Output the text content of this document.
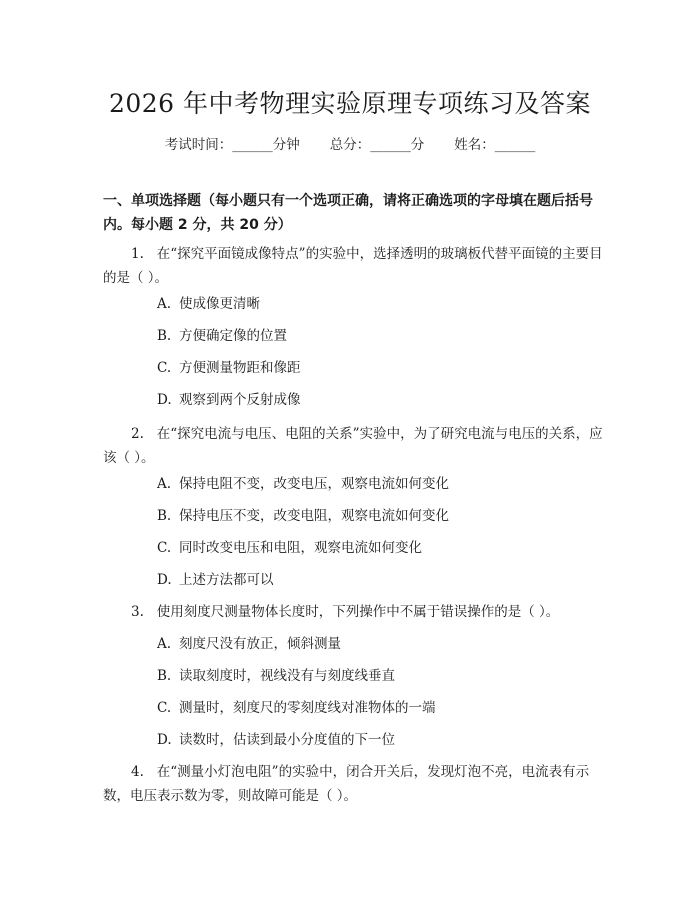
2026 年中考物理实验原理专项练习及答案
考试时间：______分钟 总分：______分 姓名：______
一、单项选择题（每小题只有一个选项正确，请将正确选项的字母填在题后括号内。每小题 2 分，共 20 分）
1. 在“探究平面镜成像特点”的实验中，选择透明的玻璃板代替平面镜的主要目的是（ ）。
A. 使成像更清晰
B. 方便确定像的位置
C. 方便测量物距和像距
D. 观察到两个反射成像
2. 在“探究电流与电压、电阻的关系”实验中，为了研究电流与电压的关系，应该（ ）。
A. 保持电阻不变，改变电压，观察电流如何变化
B. 保持电压不变，改变电阻，观察电流如何变化
C. 同时改变电压和电阻，观察电流如何变化
D. 上述方法都可以
3. 使用刻度尺测量物体长度时，下列操作中不属于错误操作的是（ ）。
A. 刻度尺没有放正，倾斜测量
B. 读取刻度时，视线没有与刻度线垂直
C. 测量时，刻度尺的零刻度线对准物体的一端
D. 读数时，估读到最小分度值的下一位
4. 在“测量小灯泡电阻”的实验中，闭合开关后，发现灯泡不亮，电流表有示数，电压表示数为零，则故障可能是（ ）。
